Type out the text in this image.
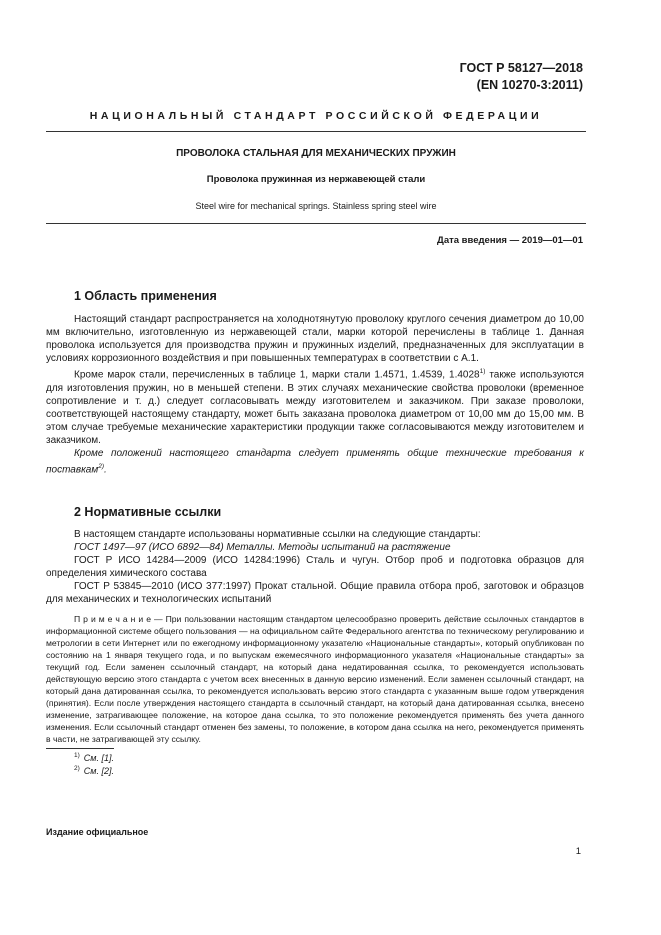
ГОСТ Р 58127—2018
(EN 10270-3:2011)
НАЦИОНАЛЬНЫЙ СТАНДАРТ РОССИЙСКОЙ ФЕДЕРАЦИИ
ПРОВОЛОКА СТАЛЬНАЯ ДЛЯ МЕХАНИЧЕСКИХ ПРУЖИН
Проволока пружинная из нержавеющей стали
Steel wire for mechanical springs. Stainless spring steel wire
Дата введения — 2019—01—01
1 Область применения

Настоящий стандарт распространяется на холоднотянутую проволоку круглого сечения диаметром до 10,00 мм включительно, изготовленную из нержавеющей стали, марки которой перечислены в таблице 1. Данная проволока используется для производства пружин и пружинных изделий, предназначенных для эксплуатации в условиях коррозионного воздействия и при повышенных температурах в соответствии с А.1.

Кроме марок стали, перечисленных в таблице 1, марки стали 1.4571, 1.4539, 1.4028$^{1)}$ также используются для изготовления пружин, но в меньшей степени. В этих случаях механические свойства проволоки (временное сопротивление и т. д.) следует согласовывать между изготовителем и заказчиком. При заказе проволоки, соответствующей настоящему стандарту, может быть заказана проволока диаметром от 10,00 мм до 15,00 мм. В этом случае требуемые механические характеристики продукции также согласовываются между изготовителем и заказчиком.

Кроме положений настоящего стандарта следует применять общие технические требования к поставкам$^{2)}$.

2 Нормативные ссылки

В настоящем стандарте использованы нормативные ссылки на следующие стандарты:

ГОСТ 1497—97 (ИСО 6892—84) Металлы. Методы испытаний на растяжение

ГОСТ Р ИСО 14284—2009 (ИСО 14284:1996) Сталь и чугун. Отбор проб и подготовка образцов для определения химического состава

ГОСТ Р 53845—2010 (ИСО 377:1997) Прокат стальной. Общие правила отбора проб, заготовок и образцов для механических и технологических испытаний

П р и м е ч а н и е — При пользовании настоящим стандартом целесообразно проверить действие ссылочных стандартов в информационной системе общего пользования — на официальном сайте Федерального агентства по техническому регулированию и метрологии в сети Интернет или по ежегодному информационному указателю «Национальные стандарты», который опубликован по состоянию на 1 января текущего года, и по выпускам ежемесячного информационного указателя «Национальные стандарты» за текущий год. Если заменен ссылочный стандарт, на который дана недатированная ссылка, то рекомендуется использовать действующую версию этого стандарта с учетом всех внесенных в данную версию изменений. Если заменен ссылочный стандарт, на который дана датированная ссылка, то рекомендуется использовать версию этого стандарта с указанным выше годом утверждения (принятия). Если после утверждения настоящего стандарта в ссылочный стандарт, на который дана датированная ссылка, внесено изменение, затрагивающее положение, на которое дана ссылка, то это положение рекомендуется применять без учета данного изменения. Если ссылочный стандарт отменен без замены, то положение, в котором дана ссылка на него, рекомендуется применять в части, не затрагивающей эту ссылку.

$^{1)}$ См. [1].
$^{2)}$ См. [2].
Издание официальное
1
